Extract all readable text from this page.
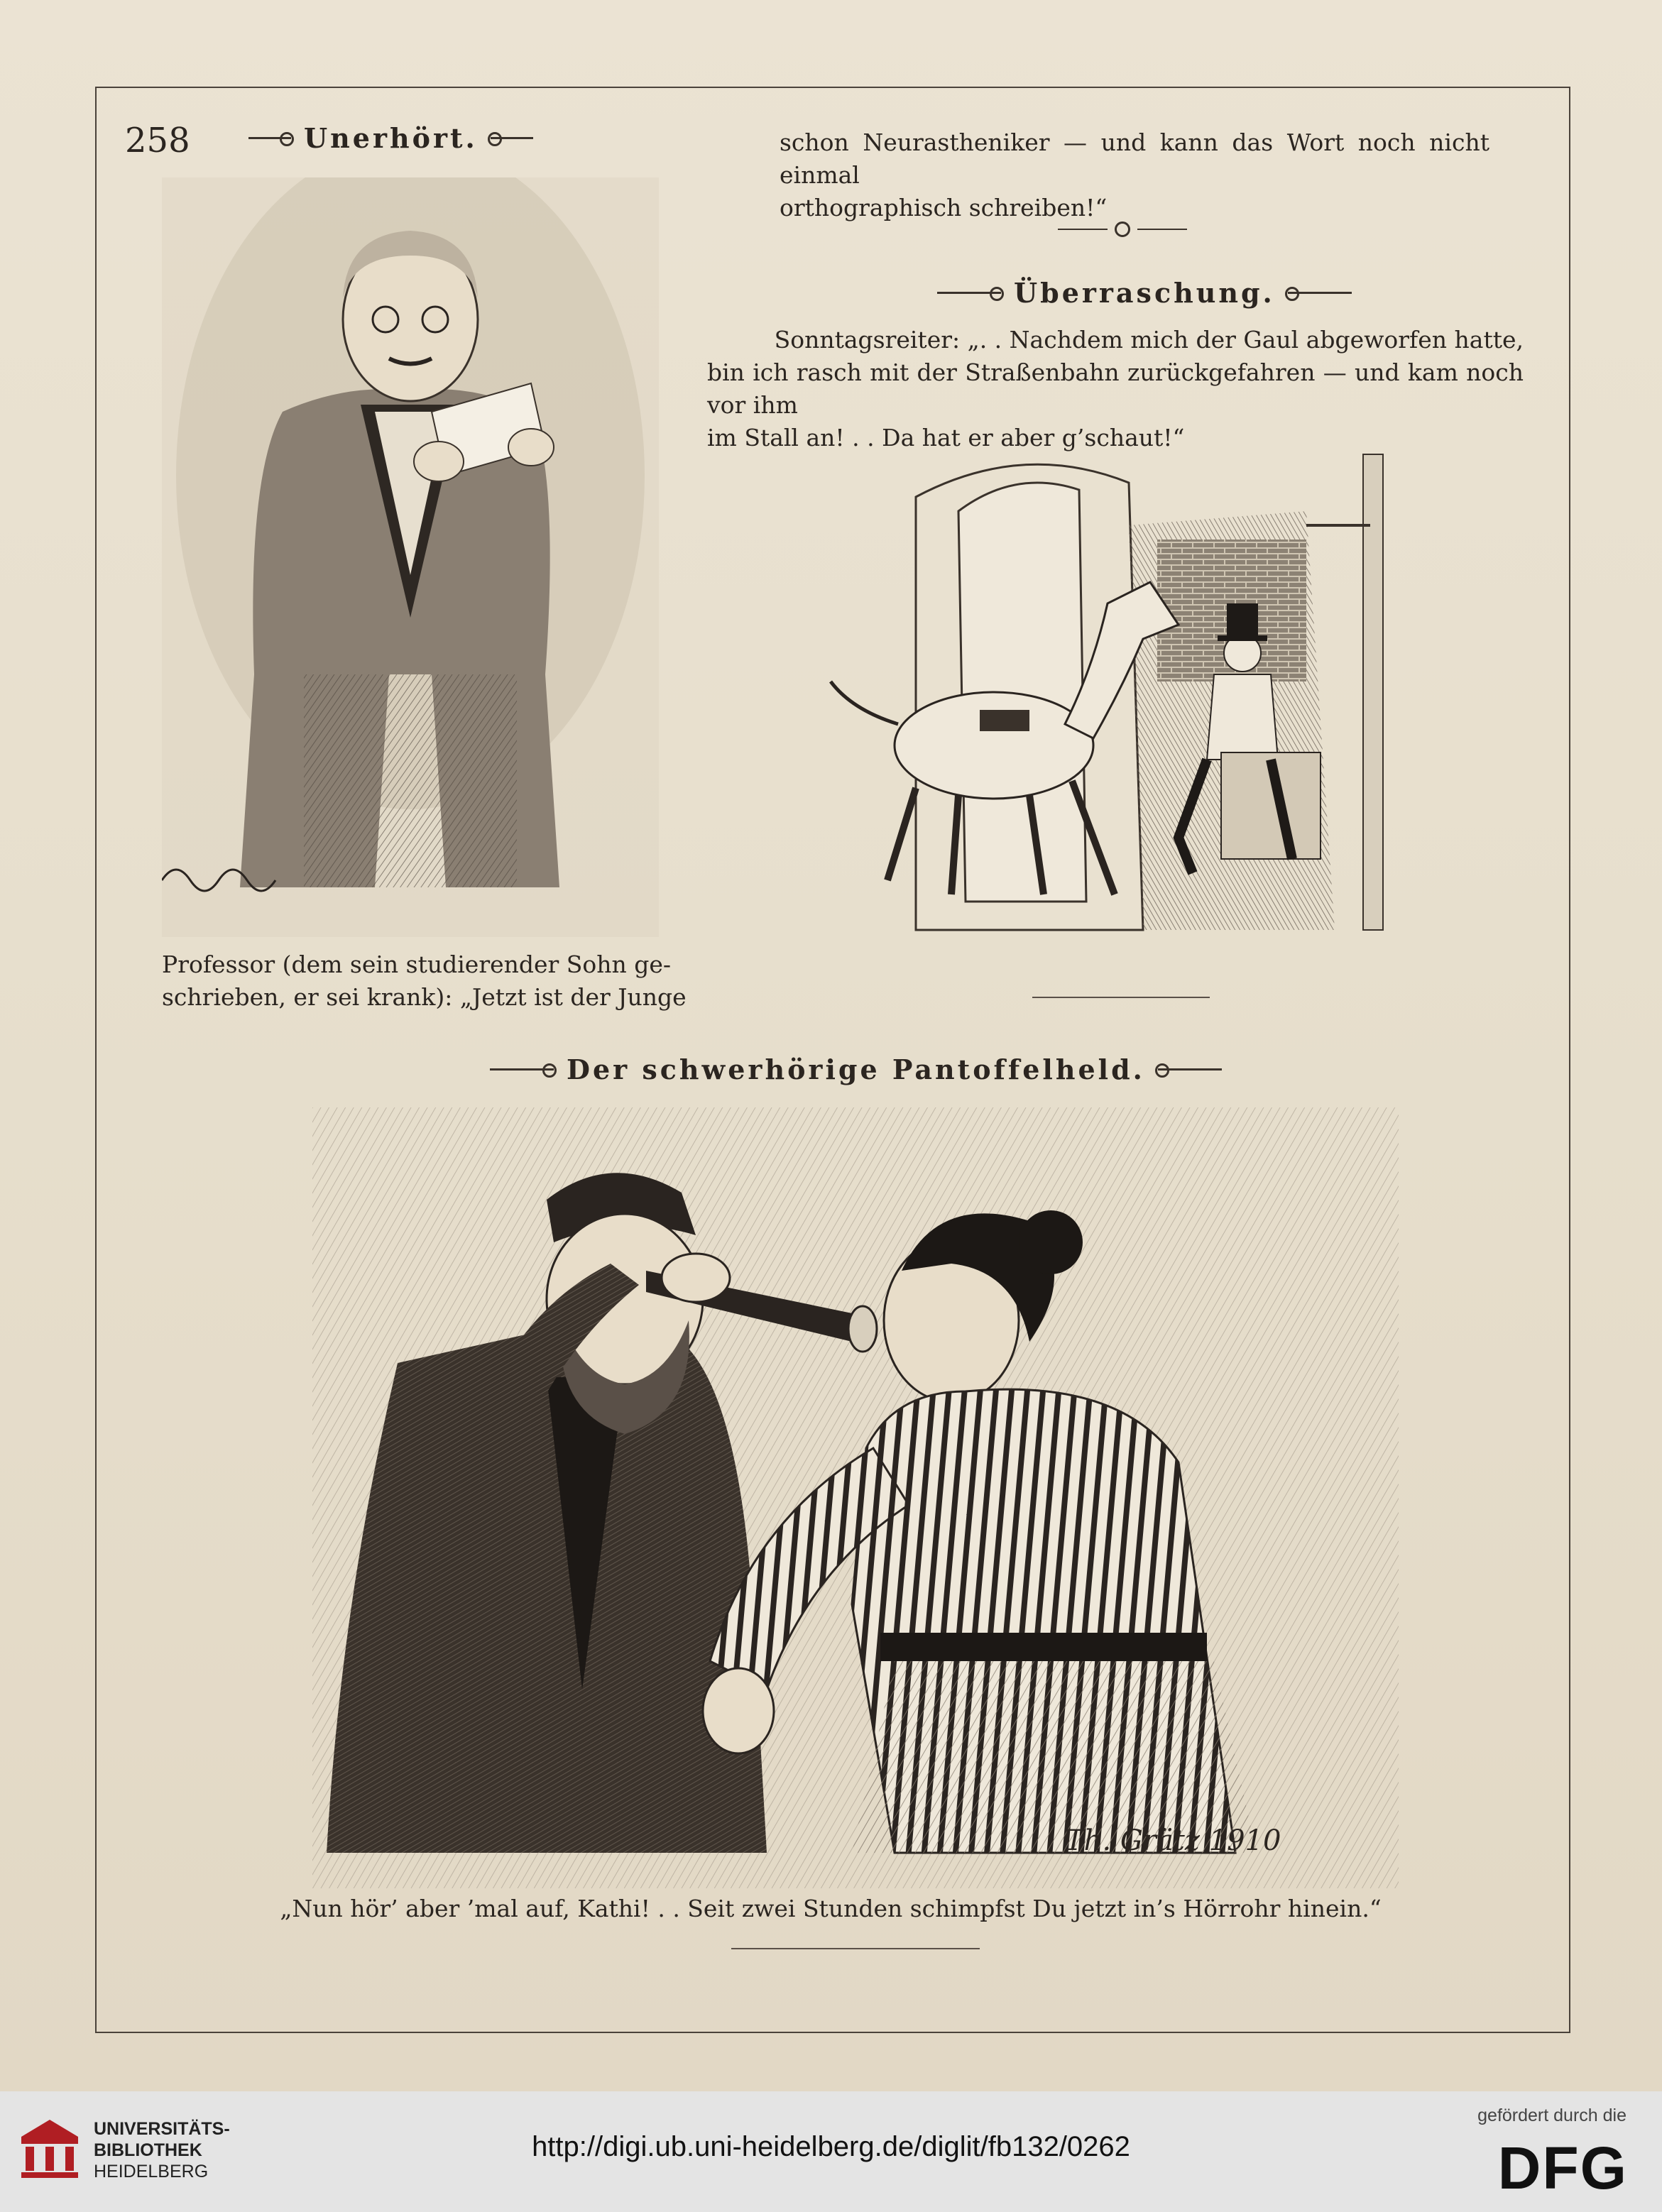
258	Unerhört.
Professor (dem sein studierender Sohn ge-
schrieben, er sei krank): „Jetzt ist der Junge
schon Neurastheniker — und kann das Wort noch nicht einmal
orthographisch schreiben!“
Überraschung.
Sonntagsreiter: „. . Nachdem mich der Gaul abgeworfen hatte,
bin ich rasch mit der Straßenbahn zurückgefahren — und kam noch vor ihm
im Stall an! . . Da hat er aber g’schaut!“
Der schwerhörige Pantoffelheld.
Th. Grätz 1910
„Nun hör’ aber ’mal auf, Kathi! . . Seit zwei Stunden schimpfst Du jetzt in’s Hörrohr hinein.“
UNIVERSITÄTS-
BIBLIOTHEK
HEIDELBERG
http://digi.ub.uni-heidelberg.de/diglit/fb132/0262
gefördert durch die
DFG
